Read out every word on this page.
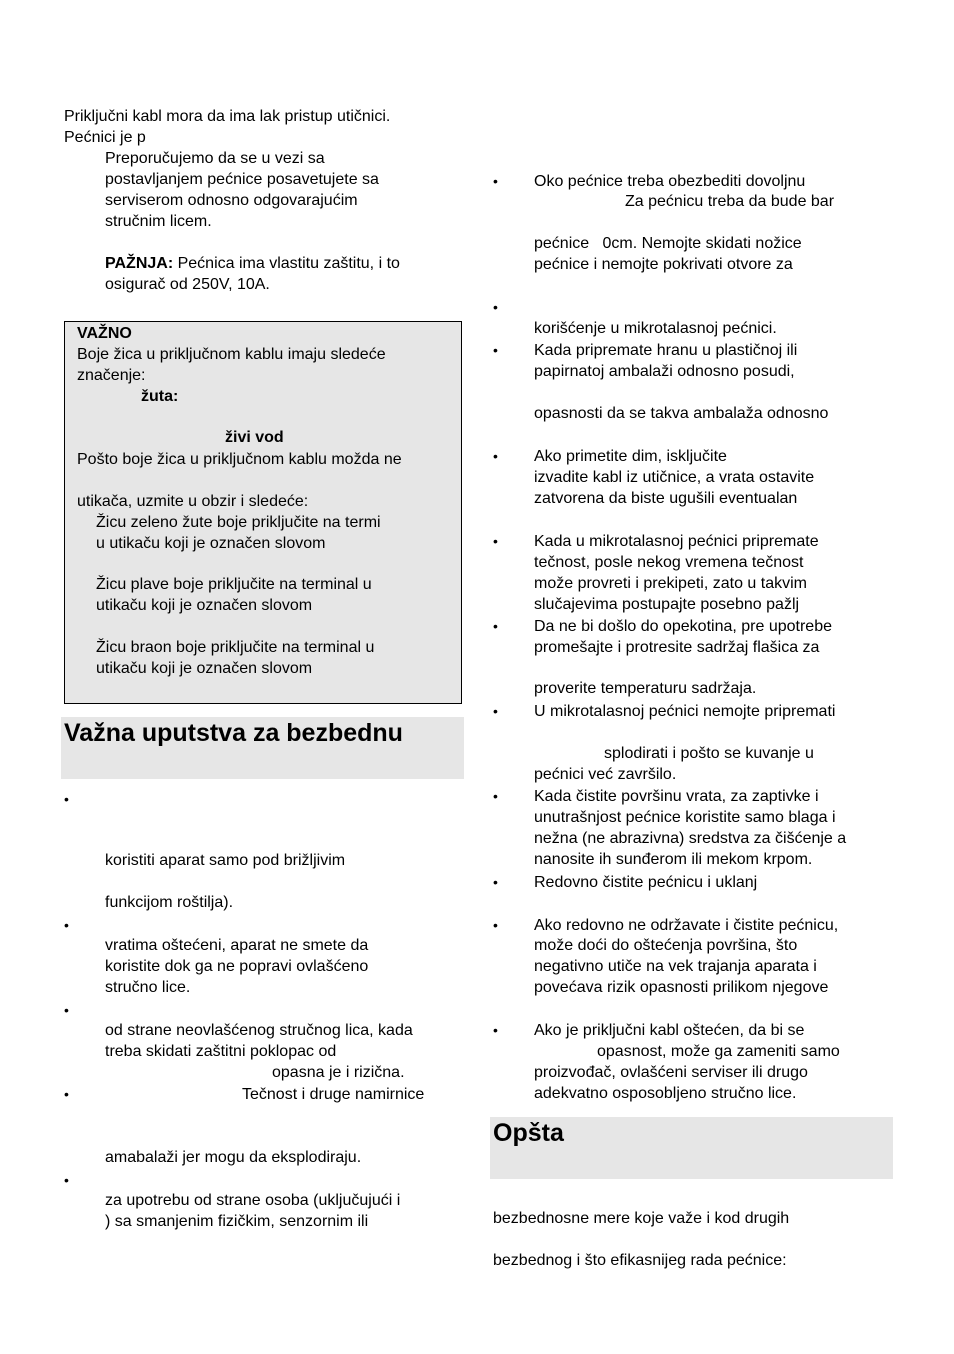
Priključni kabl mora da ima lak pristup utičnici.
Pećnici je p
Preporučujemo da se u vezi sa
postavljanjem pećnice posavetujete sa
serviserom odnosno odgovarajućim
stručnim licem.
PAŽNJA: Pećnica ima vlastitu zaštitu, i to
osigurač od 250V, 10A.
VAŽNO
Boje žica u priključnom kablu imaju sledeće
značenje:
žuta:
živi vod
Pošto boje žica u priključnom kablu možda ne
utikača, uzmite u obzir i sledeće:
Žicu zeleno žute boje priključite na termi
u utikaču koji je označen slovom
Žicu plave boje priključite na terminal u
utikaču koji je označen slovom
Žicu braon boje priključite na terminal u
utikaču koji je označen slovom
Važna uputstva za bezbednu
•
koristiti aparat samo pod brižljivim
funkcijom roštilja).
•
vratima oštećeni, aparat ne smete da
koristite dok ga ne popravi ovlašćeno
stručno lice.
•
od strane neovlašćenog stručnog lica, kada
treba skidati zaštitni poklopac od
opasna je i rizična.
•	Tečnost i druge namirnice
amabalaži jer mogu da eksplodiraju.
•
za upotrebu od strane osoba (uključujući i
) sa smanjenim fizičkim, senzornim ili
• Oko pećnice treba obezbediti dovoljnu
Za pećnicu treba da bude bar
pećnice   0cm. Nemojte skidati nožice
pećnice i nemojte pokrivati otvore za
•
korišćenje u mikrotalasnoj pećnici.
• Kada pripremate hranu u plastičnoj ili
papirnatoj ambalaži odnosno posudi,
opasnosti da se takva ambalaža odnosno
• Ako primetite dim, isključite
izvadite kabl iz utičnice, a vrata ostavite
zatvorena da biste ugušili eventualan
• Kada u mikrotalasnoj pećnici pripremate
tečnost, posle nekog vremena tečnost
može provreti i prekipeti, zato u takvim
slučajevima postupajte posebno pažlj
• Da ne bi došlo do opekotina, pre upotrebe
promešajte i protresite sadržaj flašica za
proverite temperaturu sadržaja.
• U mikrotalasnoj pećnici nemojte pripremati
splodirati i pošto se kuvanje u
pećnici već završilo.
• Kada čistite površinu vrata, za zaptivke i
unutrašnjost pećnice koristite samo blaga i
nežna (ne abrazivna) sredstva za čišćenje a
nanosite ih sunđerom ili mekom krpom.
• Redovno čistite pećnicu i uklanj
• Ako redovno ne održavate i čistite pećnicu,
može doći do oštećenja površina, što
negativno utiče na vek trajanja aparata i
povećava rizik opasnosti prilikom njegove
• Ako je priključni kabl oštećen, da bi se
opasnost, može ga zameniti samo
proizvođač, ovlašćeni serviser ili drugo
adekvatno osposobljeno stručno lice.
Opšta
bezbednosne mere koje važe i kod drugih
bezbednog i što efikasnijeg rada pećnice:
